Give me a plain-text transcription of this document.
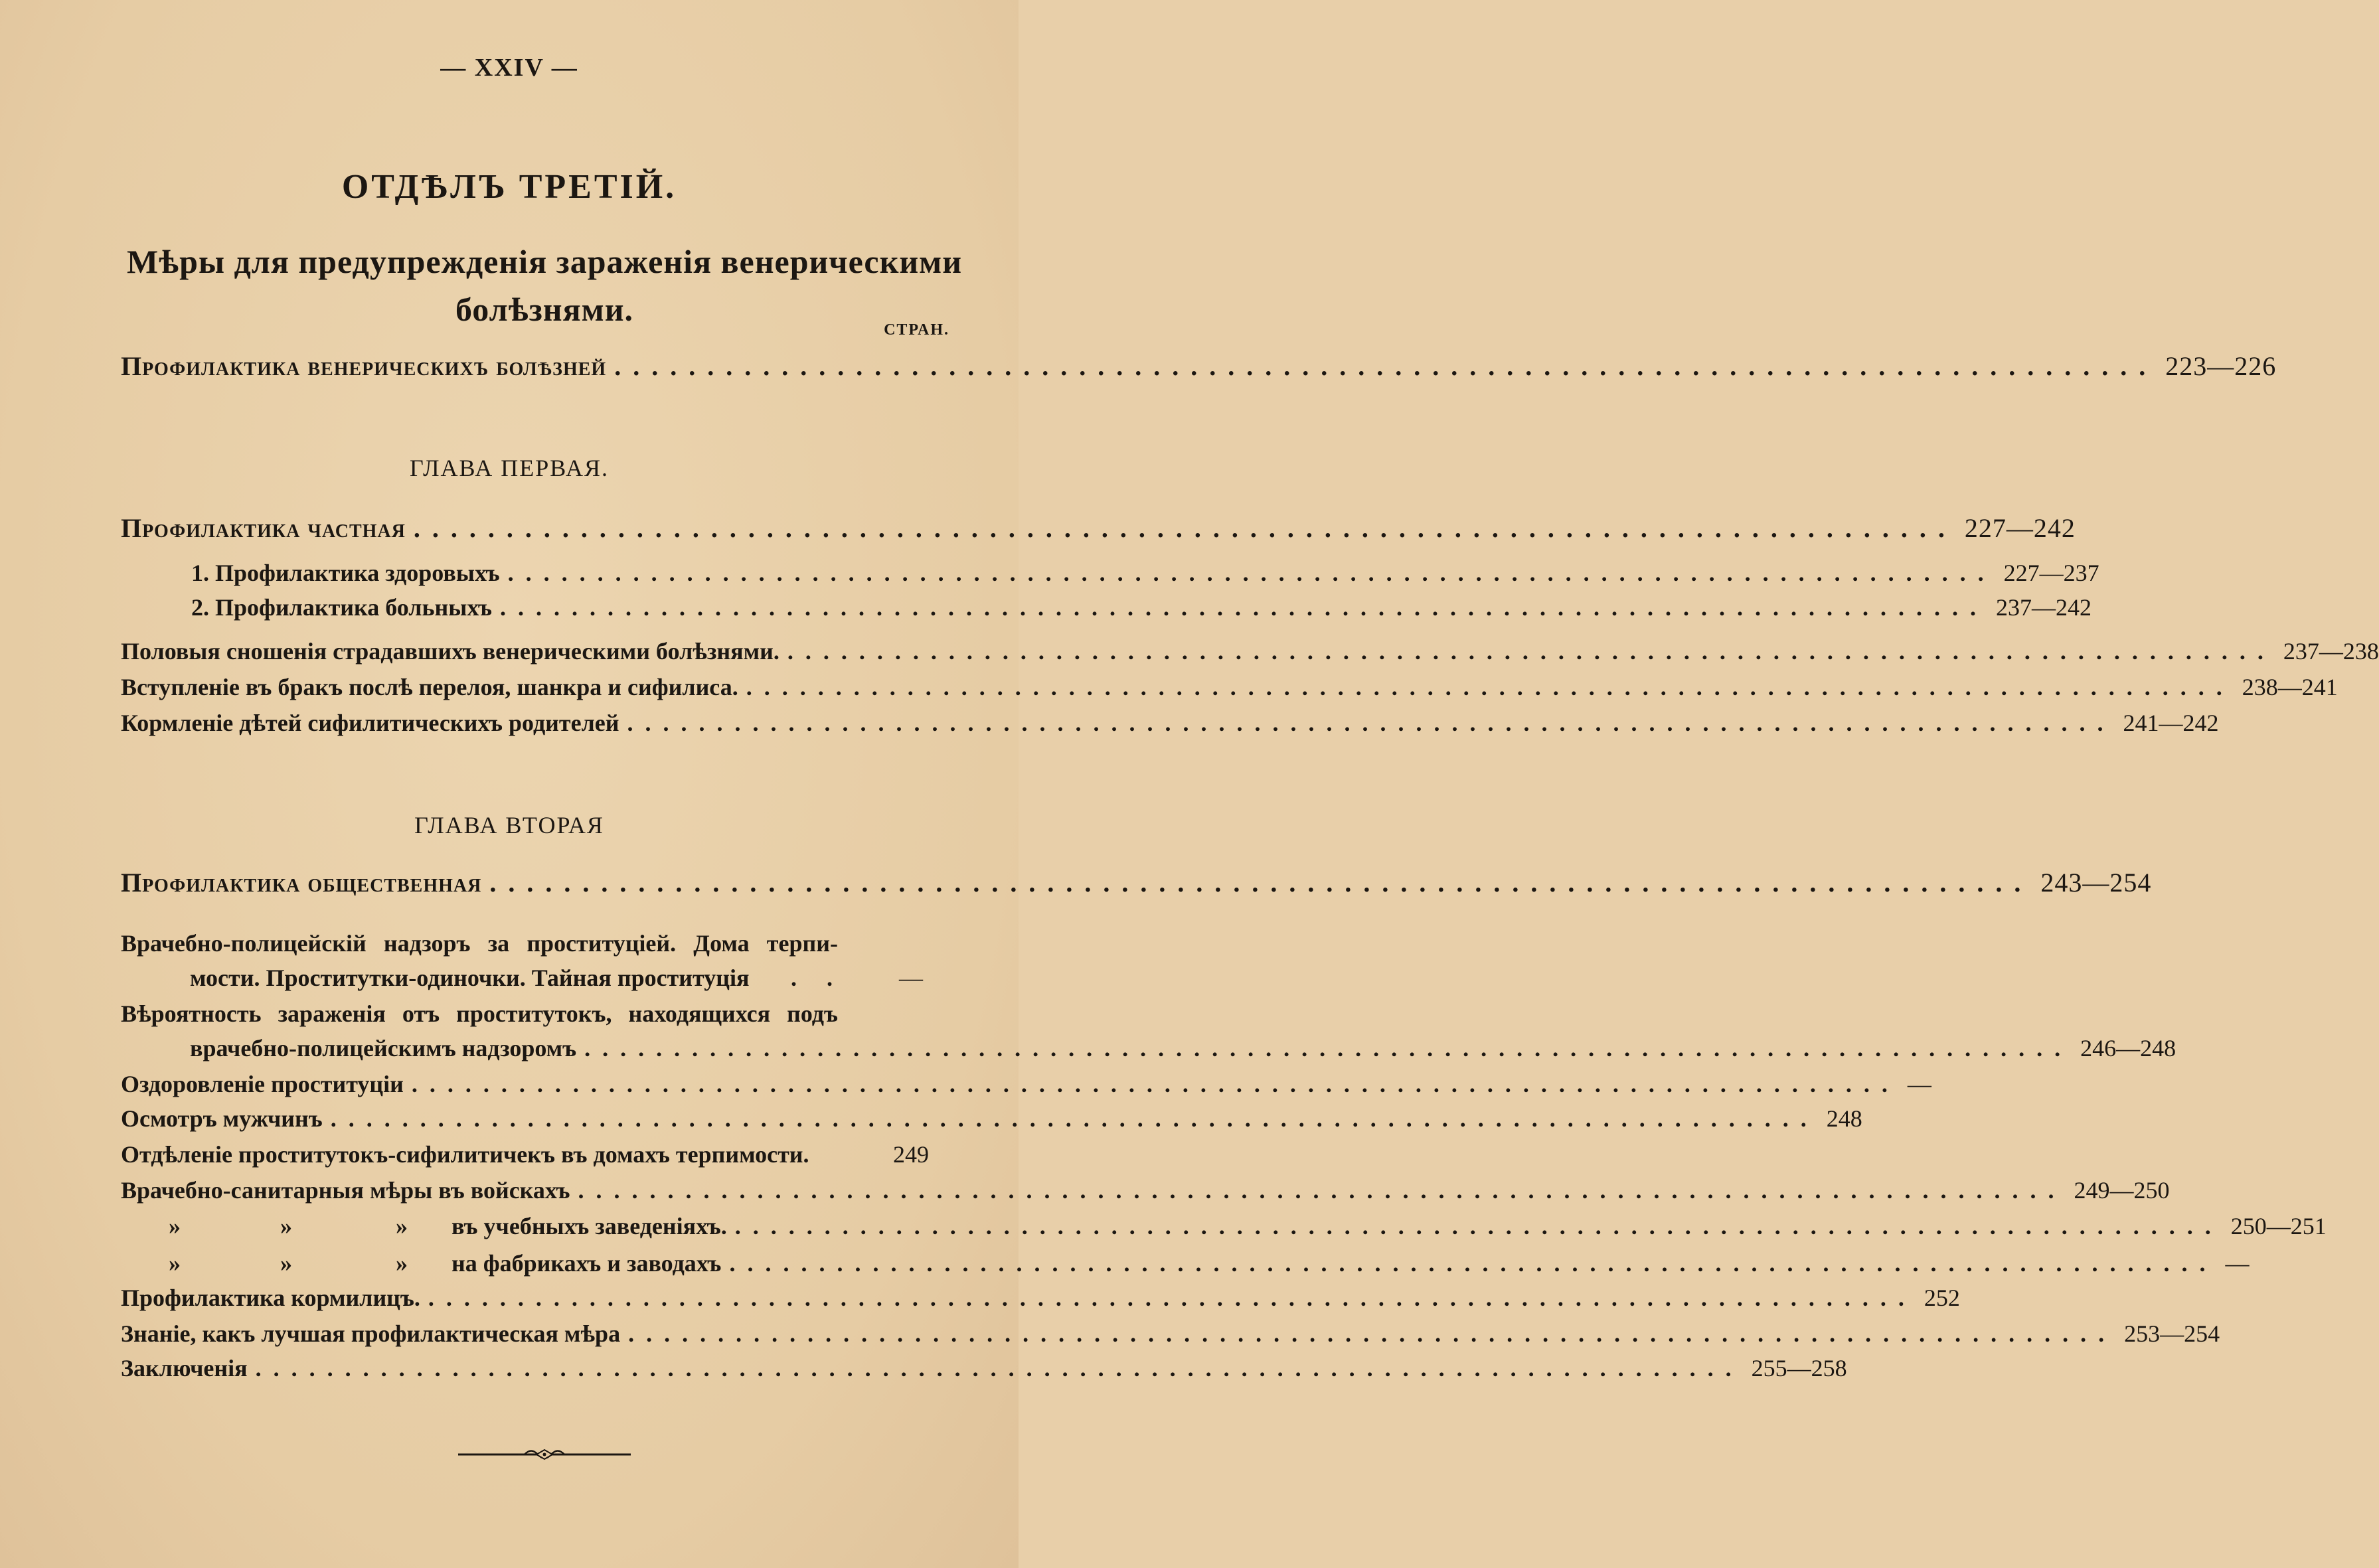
— XXIV —
ОТДѢЛЪ ТРЕТІЙ.
Мѣры для предупрежденія зараженія венерическими болѣзнями.
СТРАН.
Профилактика венерическихъ болѣзней ................................................................................... 223—226
ГЛАВА ПЕРВАЯ.
Профилактика частная ................................................................................... 227—242
1. Профилактика здоровыхъ ................................................................................... 227—237
2. Профилактика больныхъ ................................................................................... 237—242
Половыя сношенія страдавшихъ венерическими болѣзнями. ................................................................................... 237—238
Вступленіе въ бракъ послѣ перелоя, шанкра и сифилиса. ................................................................................... 238—241
Кормленіе дѣтей сифилитическихъ родителей ................................................................................... 241—242
ГЛАВА ВТОРАЯ
Профилактика общественная ................................................................................... 243—254
Врачебно-полицейскій надзоръ за проституціей. Дома терпи-
мости. Проститутки-одиночки. Тайная проституція	. .	—
Вѣроятность зараженія отъ проститутокъ, находящихся подъ
врачебно-полицейскимъ надзоромъ ................................................................................... 246—248
Оздоровленіе проституціи ................................................................................... —
Осмотръ мужчинъ ................................................................................... 248
Отдѣленіе проститутокъ-сифилитичекъ въ домахъ терпимости.	249
Врачебно-санитарныя мѣры въ войскахъ ................................................................................... 249—250
»	»	» въ учебныхъ заведеніяхъ. ................................................................................... 250—251
»	»	» на фабрикахъ и заводахъ ................................................................................... —
Профилактика кормилицъ. ................................................................................... 252
Знаніе, какъ лучшая профилактическая мѣра ................................................................................... 253—254
Заключенія ................................................................................... 255—258
